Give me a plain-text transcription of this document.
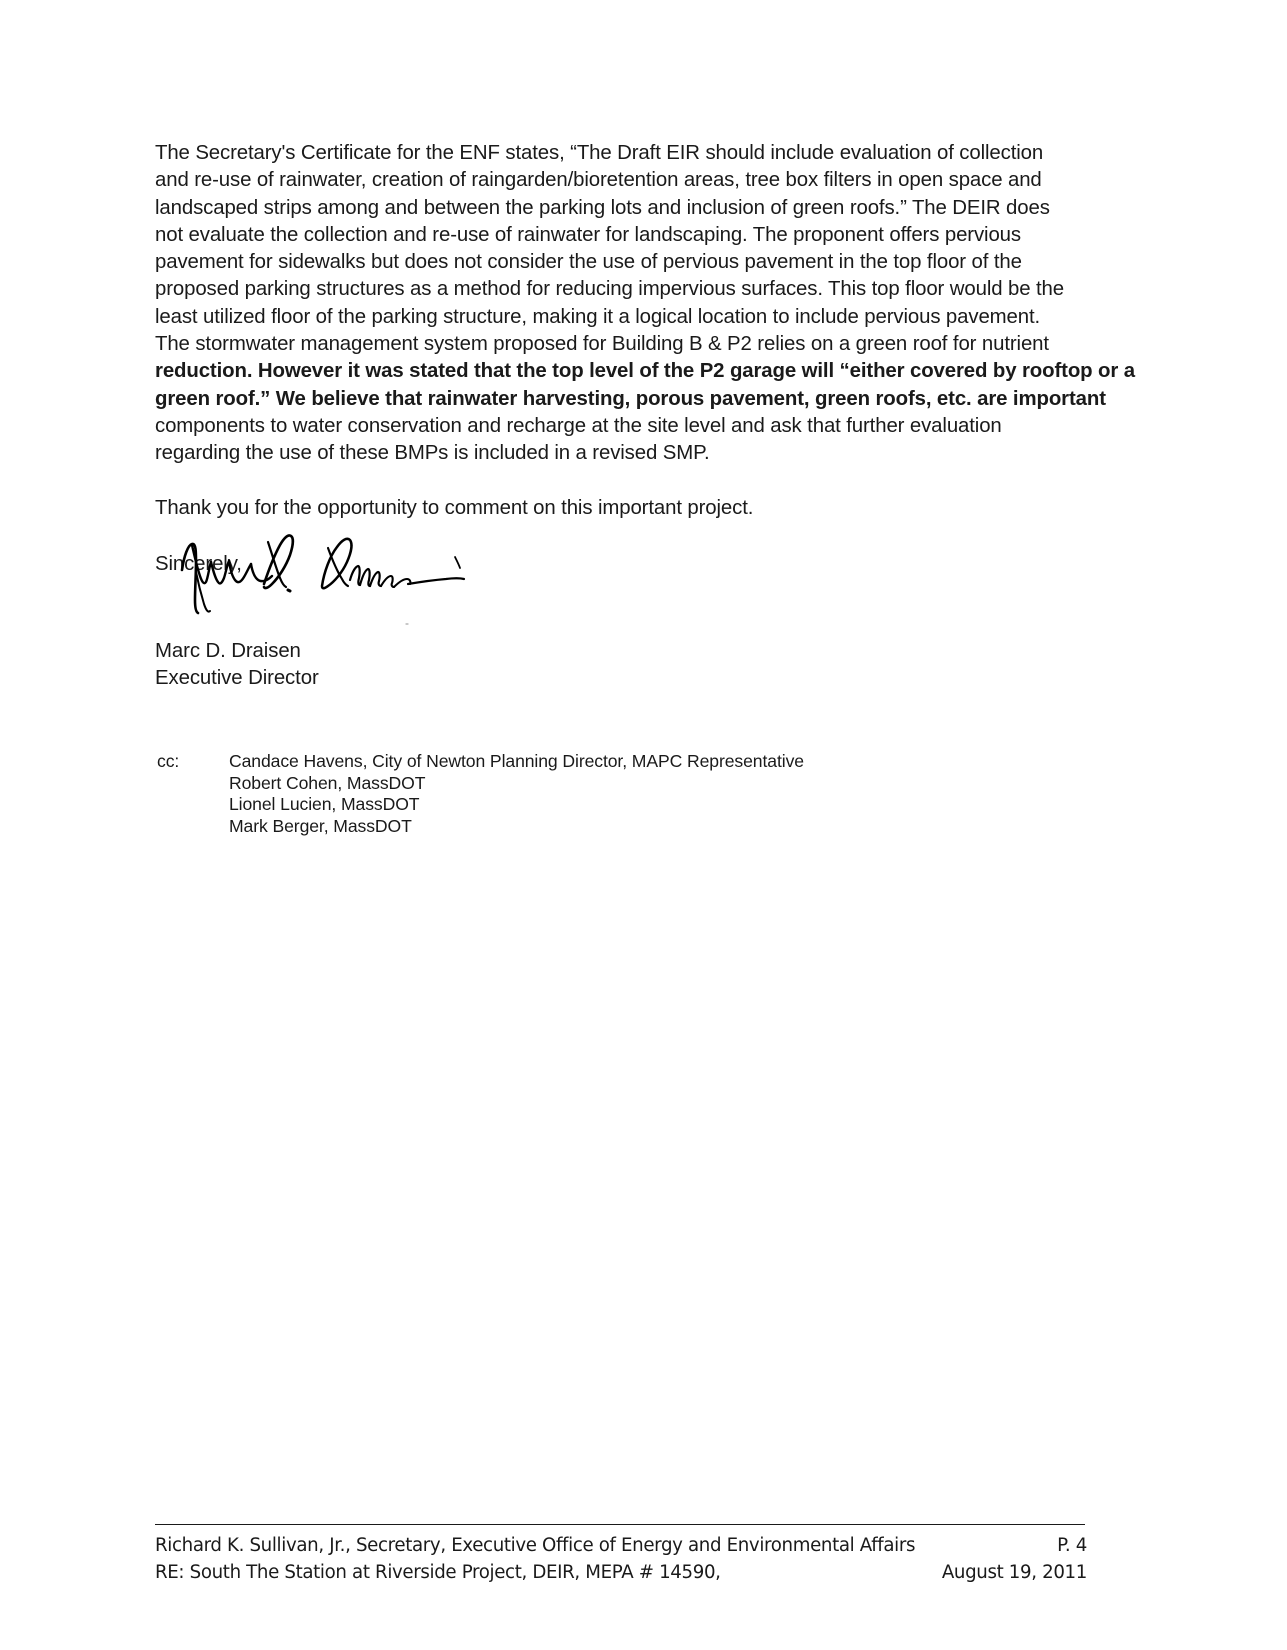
The Secretary's Certificate for the ENF states, “The Draft EIR should include evaluation of collection
and re-use of rainwater, creation of raingarden/bioretention areas, tree box filters in open space and
landscaped strips among and between the parking lots and inclusion of green roofs.” The DEIR does
not evaluate the collection and re-use of rainwater for landscaping. The proponent offers pervious
pavement for sidewalks but does not consider the use of pervious pavement in the top floor of the
proposed parking structures as a method for reducing impervious surfaces. This top floor would be the
least utilized floor of the parking structure, making it a logical location to include pervious pavement.
The stormwater management system proposed for Building B & P2 relies on a green roof for nutrient
reduction. However it was stated that the top level of the P2 garage will “either covered by rooftop or a
green roof.” We believe that rainwater harvesting, porous pavement, green roofs, etc. are important
components to water conservation and recharge at the site level and ask that further evaluation
regarding the use of these BMPs is included in a revised SMP.

Thank you for the opportunity to comment on this important project.

Sincerely,

Marc D. Draisen
Executive Director
cc:	Candace Havens, City of Newton Planning Director, MAPC Representative
Robert Cohen, MassDOT
Lionel Lucien, MassDOT
Mark Berger, MassDOT
Richard K. Sullivan, Jr., Secretary, Executive Office of Energy and Environmental Affairs	P. 4
RE: South The Station at Riverside Project, DEIR, MEPA # 14590,	August 19, 2011
